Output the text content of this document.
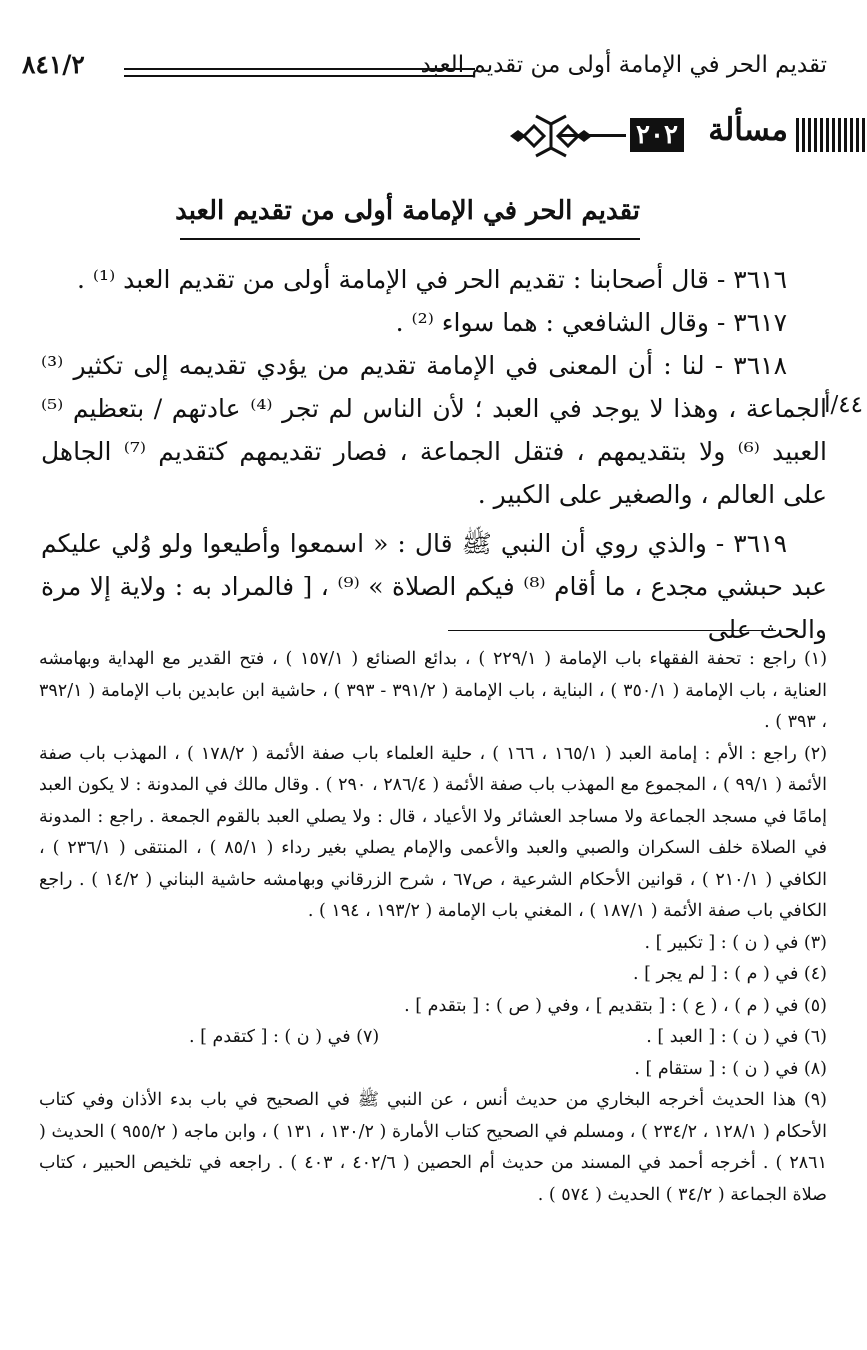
تقديم الحر في الإمامة أولى من تقديم العبد
٨٤١/٢
مسألة
٢٠٢
تقديم الحر في الإمامة أولى من تقديم العبد
٤٤/أ

٣٦١٦ - قال أصحابنا : تقديم الحر في الإمامة أولى من تقديم العبد ⁽¹⁾ .

٣٦١٧ - وقال الشافعي : هما سواء ⁽²⁾ .

٣٦١٨ - لنا : أن المعنى في الإمامة تقديم من يؤدي تقديمه إلى تكثير ⁽³⁾ الجماعة ، وهذا لا يوجد في العبد ؛ لأن الناس لم تجر ⁽⁴⁾ عادتهم / بتعظيم ⁽⁵⁾ العبيد ⁽⁶⁾ ولا بتقديمهم ، فتقل الجماعة ، فصار تقديمهم كتقديم ⁽⁷⁾ الجاهل على العالم ، والصغير على الكبير .

٣٦١٩ - والذي روي أن النبي ﷺ قال : « اسمعوا وأطيعوا ولو وُلي عليكم عبد حبشي مجدع ، ما أقام ⁽⁸⁾ فيكم الصلاة » ⁽⁹⁾ ، [ فالمراد به : ولاية إلا مرة والحث على

(١) راجع : تحفة الفقهاء باب الإمامة ( ٢٢٩/١ ) ، بدائع الصنائع ( ١٥٧/١ ) ، فتح القدير مع الهداية وبهامشه العناية ، باب الإمامة ( ٣٥٠/١ ) ، البناية ، باب الإمامة ( ٣٩١/٢ - ٣٩٣ ) ، حاشية ابن عابدين باب الإمامة ( ٣٩٢/١ ، ٣٩٣ ) .

(٢) راجع : الأم : إمامة العبد ( ١٦٥/١ ، ١٦٦ ) ، حلية العلماء باب صفة الأئمة ( ١٧٨/٢ ) ، المهذب باب صفة الأئمة ( ٩٩/١ ) ، المجموع مع المهذب باب صفة الأئمة ( ٢٨٦/٤ ، ٢٩٠ ) . وقال مالك في المدونة : لا يكون العبد إمامًا في مسجد الجماعة ولا مساجد العشائر ولا الأعياد ، قال : ولا يصلي العبد بالقوم الجمعة . راجع : المدونة في الصلاة خلف السكران والصبي والعبد والأعمى والإمام يصلي بغير رداء ( ٨٥/١ ) ، المنتقى ( ٢٣٦/١ ) ، الكافي ( ٢١٠/١ ) ، قوانين الأحكام الشرعية ، ص٦٧ ، شرح الزرقاني وبهامشه حاشية البناني ( ١٤/٢ ) . راجع الكافي باب صفة الأئمة ( ١٨٧/١ ) ، المغني باب الإمامة ( ١٩٣/٢ ، ١٩٤ ) .

(٣) في ( ن ) : [ تكبير ] .

(٤) في ( م ) : [ لم يجر ] .

(٥) في ( م ) ، ( ع ) : [ بتقديم ] ، وفي ( ص ) : [ بتقدم ] .

(٦) في ( ن ) : [ العبد ] .

(٧) في ( ن ) : [ كتقدم ] .

(٨) في ( ن ) : [ ستقام ] .

(٩) هذا الحديث أخرجه البخاري من حديث أنس ، عن النبي ﷺ في الصحيح في باب بدء الأذان وفي كتاب الأحكام ( ١٢٨/١ ، ٢٣٤/٢ ) ، ومسلم في الصحيح كتاب الأمارة ( ١٣٠/٢ ، ١٣١ ) ، وابن ماجه ( ٩٥٥/٢ ) الحديث ( ٢٨٦١ ) . أخرجه أحمد في المسند من حديث أم الحصين ( ٤٠٢/٦ ، ٤٠٣ ) . راجعه في تلخيص الحبير ، كتاب صلاة الجماعة ( ٣٤/٢ ) الحديث ( ٥٧٤ ) .
